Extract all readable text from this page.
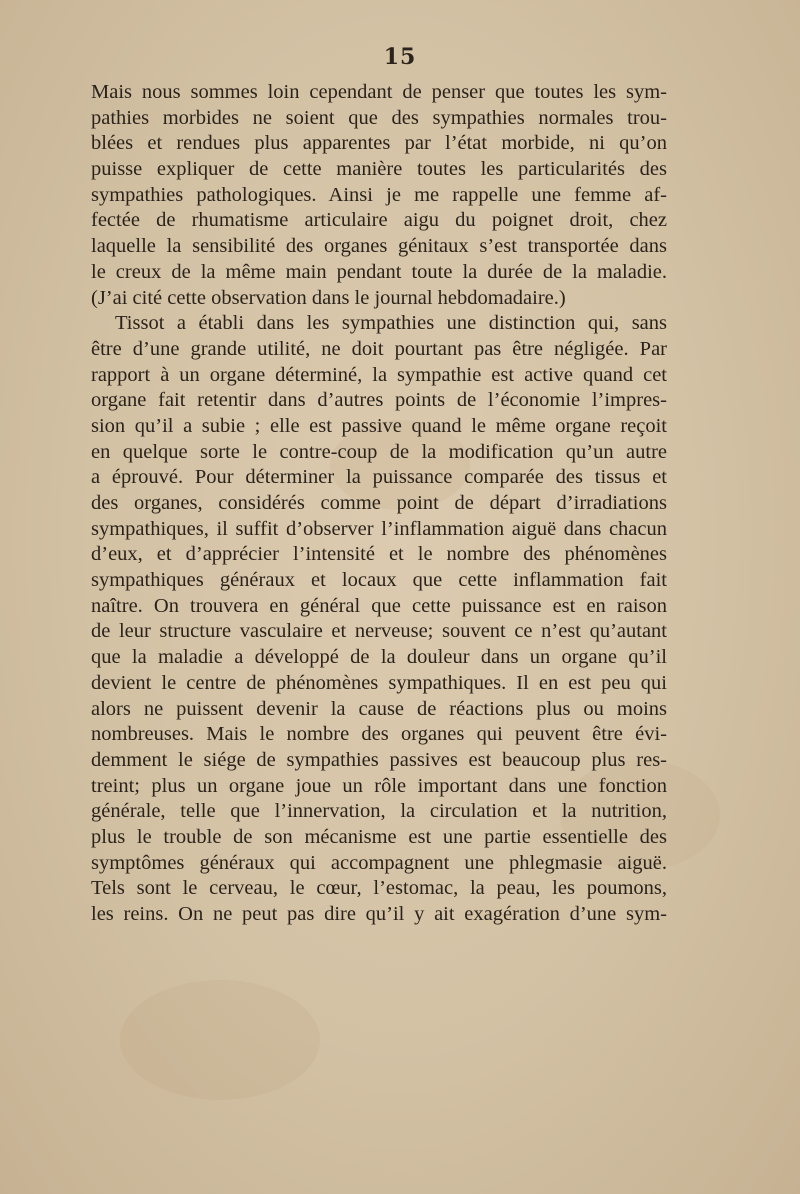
15
Mais nous sommes loin cependant de penser que toutes les sym-
pathies morbides ne soient que des sympathies normales trou-
blées et rendues plus apparentes par l’état morbide, ni qu’on
puisse expliquer de cette manière toutes les particularités des
sympathies pathologiques. Ainsi je me rappelle une femme af-
fectée de rhumatisme articulaire aigu du poignet droit, chez
laquelle la sensibilité des organes génitaux s’est transportée dans
le creux de la même main pendant toute la durée de la maladie.
(J’ai cité cette observation dans le journal hebdomadaire.)
Tissot a établi dans les sympathies une distinction qui, sans
être d’une grande utilité, ne doit pourtant pas être négligée. Par
rapport à un organe déterminé, la sympathie est active quand cet
organe fait retentir dans d’autres points de l’économie l’impres-
sion qu’il a subie ; elle est passive quand le même organe reçoit
en quelque sorte le contre-coup de la modification qu’un autre
a éprouvé. Pour déterminer la puissance comparée des tissus et
des organes, considérés comme point de départ d’irradiations
sympathiques, il suffit d’observer l’inflammation aiguë dans chacun
d’eux, et d’apprécier l’intensité et le nombre des phénomènes
sympathiques généraux et locaux que cette inflammation fait
naître. On trouvera en général que cette puissance est en raison
de leur structure vasculaire et nerveuse; souvent ce n’est qu’autant
que la maladie a développé de la douleur dans un organe qu’il
devient le centre de phénomènes sympathiques. Il en est peu qui
alors ne puissent devenir la cause de réactions plus ou moins
nombreuses. Mais le nombre des organes qui peuvent être évi-
demment le siége de sympathies passives est beaucoup plus res-
treint; plus un organe joue un rôle important dans une fonction
générale, telle que l’innervation, la circulation et la nutrition,
plus le trouble de son mécanisme est une partie essentielle des
symptômes généraux qui accompagnent une phlegmasie aiguë.
Tels sont le cerveau, le cœur, l’estomac, la peau, les poumons,
les reins. On ne peut pas dire qu’il y ait exagération d’une sym-
